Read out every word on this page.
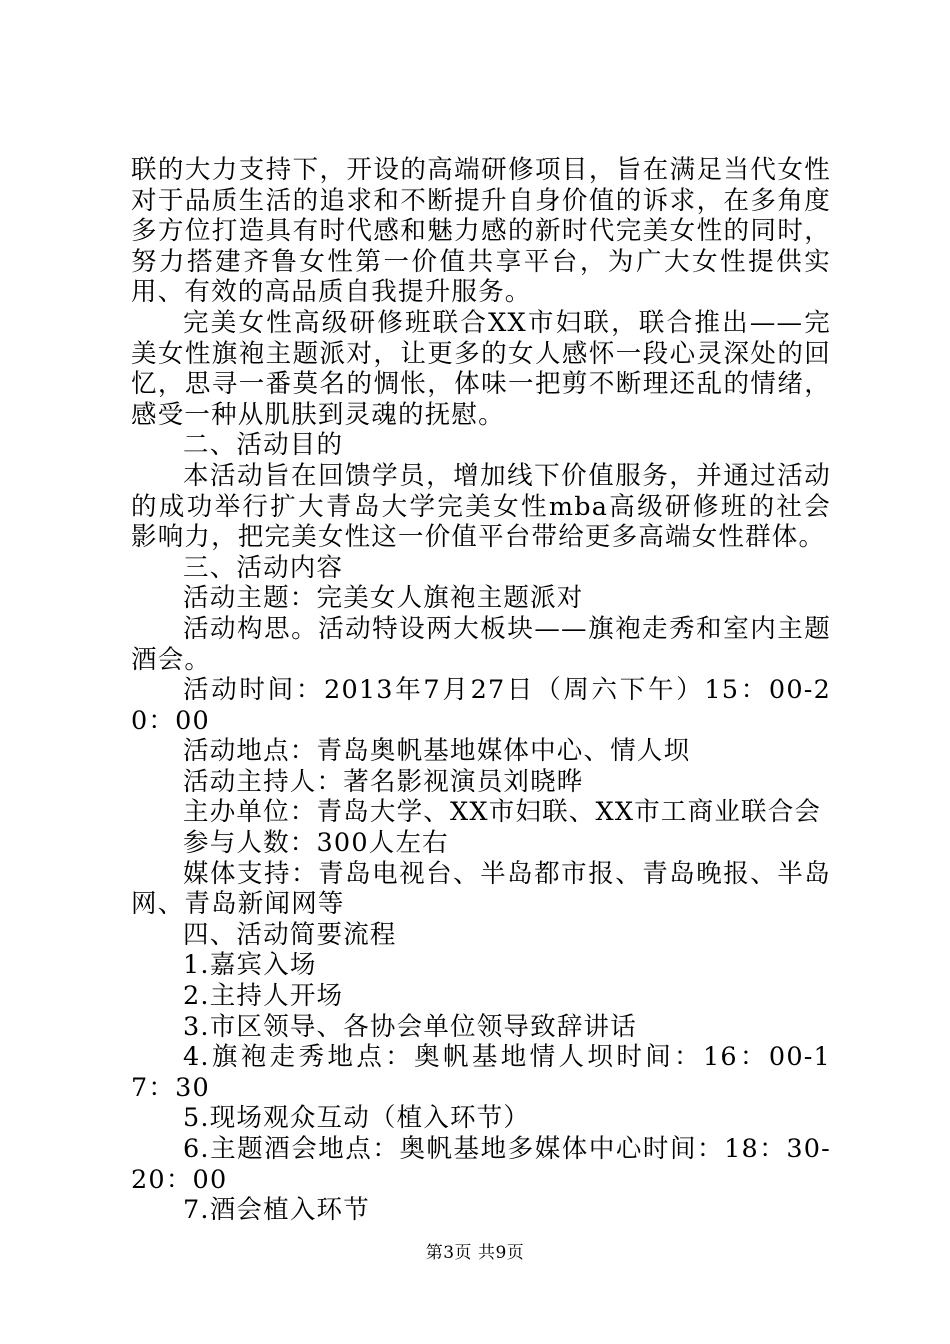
联的大力支持下，开设的高端研修项目，旨在满足当代女性对于品质生活的追求和不断提升自身价值的诉求，在多角度多方位打造具有时代感和魅力感的新时代完美女性的同时，努力搭建齐鲁女性第一价值共享平台，为广大女性提供实用、有效的高品质自我提升服务。

完美女性高级研修班联合XX市妇联，联合推出——完美女性旗袍主题派对，让更多的女人感怀一段心灵深处的回忆，思寻一番莫名的惆怅，体味一把剪不断理还乱的情绪，感受一种从肌肤到灵魂的抚慰。

二、活动目的

本活动旨在回馈学员，增加线下价值服务，并通过活动的成功举行扩大青岛大学完美女性mba高级研修班的社会影响力，把完美女性这一价值平台带给更多高端女性群体。

三、活动内容

活动主题：完美女人旗袍主题派对

活动构思。活动特设两大板块——旗袍走秀和室内主题酒会。

活动时间：2013年7月27日（周六下午）15：00-20：00

活动地点：青岛奥帆基地媒体中心、情人坝

活动主持人：著名影视演员刘晓晔

主办单位：青岛大学、XX市妇联、XX市工商业联合会

参与人数：300人左右

媒体支持：青岛电视台、半岛都市报、青岛晚报、半岛网、青岛新闻网等

四、活动简要流程

1.嘉宾入场

2.主持人开场

3.市区领导、各协会单位领导致辞讲话

4.旗袍走秀地点：奥帆基地情人坝时间：16：00-17：30

5.现场观众互动（植入环节）

6.主题酒会地点：奥帆基地多媒体中心时间：18：30-20：00

7.酒会植入环节

第3页 共9页
